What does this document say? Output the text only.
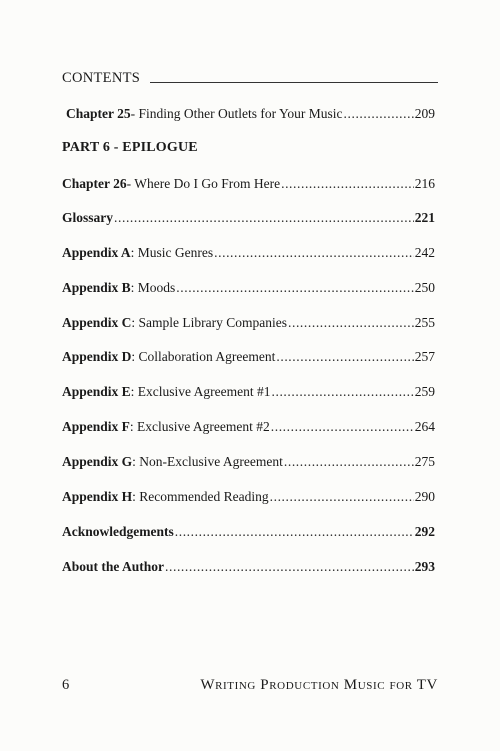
CONTENTS
Chapter 25 - Finding Other Outlets for Your Music .....	209
PART 6 - EPILOGUE
Chapter 26 - Where Do I Go From Here .....	216
Glossary .....	221
Appendix A : Music Genres .....	242
Appendix B : Moods .....	250
Appendix C : Sample Library Companies .....	255
Appendix D : Collaboration Agreement .....	257
Appendix E : Exclusive Agreement #1 .....	259
Appendix F : Exclusive Agreement #2 .....	264
Appendix G : Non-Exclusive Agreement .....	275
Appendix H : Recommended Reading .....	290
Acknowledgements .....	292
About the Author .....	293
6	Writing Production Music for TV
